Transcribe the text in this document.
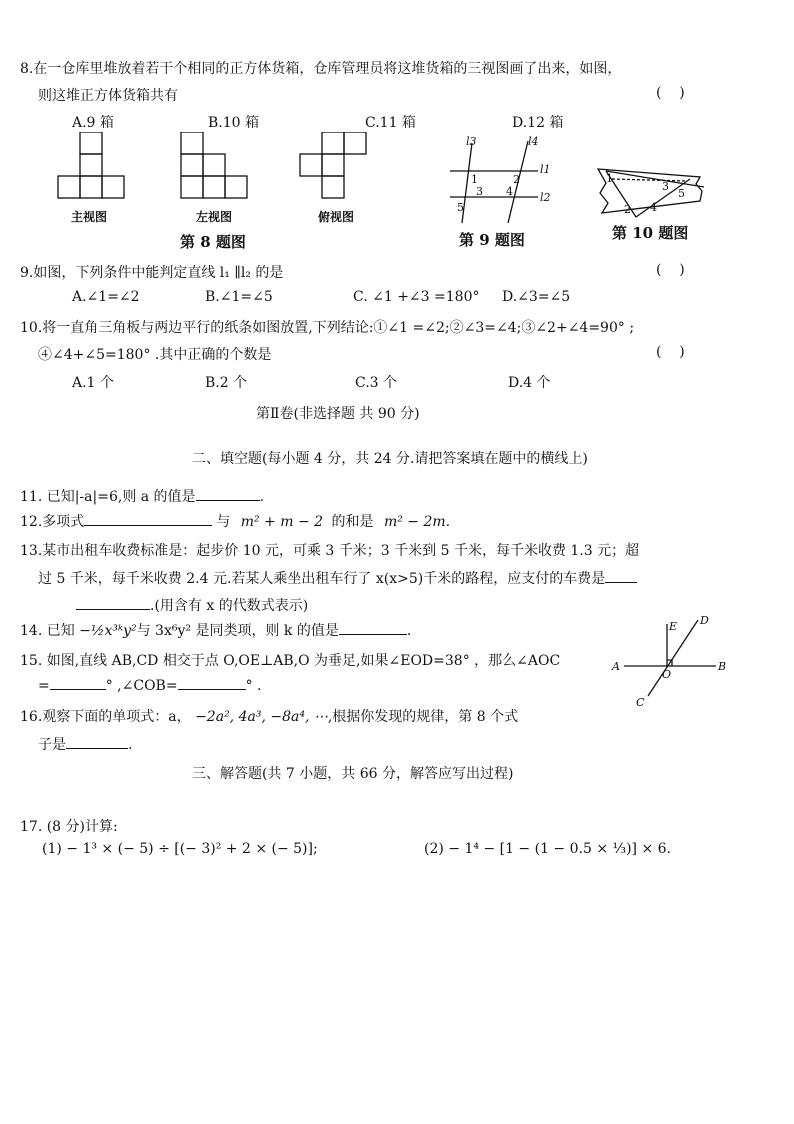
8.在一仓库里堆放着若干个相同的正方体货箱，仓库管理员将这堆货箱的三视图画了出来，如图，
则这堆正方体货箱共有	(    )
A.9 箱	B.10 箱	C.11 箱	D.12 箱
主视图	左视图	俯视图
第 8 题图
l3	l4
l1
l2
1	2
3 4
5
第 9 题图
1
2
3
4
5
第 10 题图
9.如图，下列条件中能判定直线 l₁ ∥l₂ 的是	(    )
A.∠1=∠2	B.∠1=∠5	C. ∠1 +∠3 =180° D.∠3=∠5
10.将一直角三角板与两边平行的纸条如图放置,下列结论:①∠1 =∠2;②∠3=∠4;③∠2+∠4=90° ;
④∠4+∠5=180° .其中正确的个数是	(    )
A.1 个	B.2 个	C.3 个	D.4 个
第Ⅱ卷(非选择题 共 90 分)
二、填空题(每小题 4 分，共 24 分.请把答案填在题中的横线上)
11. 已知|-a|=6,则 a 的值是	.
12.多项式	与 m² + m − 2 的和是 m² − 2m.
13.某市出租车收费标准是：起步价 10 元，可乘 3 千米；3 千米到 5 千米，每千米收费 1.3 元；超
过 5 千米，每千米收费 2.4 元.若某人乘坐出租车行了 x(x>5)千米的路程，应支付的车费是
.(用含有 x 的代数式表示)
14. 已知 −½x³ᵏy²与 3x⁶y² 是同类项，则 k 的值是	.
15. 如图,直线 AB,CD 相交于点 O,OE⊥AB,O 为垂足,如果∠EOD=38° ，那么∠AOC
=	° ,∠COB=	° .
E D
A
O
B
C
16.观察下面的单项式：a， −2a², 4a³, −8a⁴, ⋯,根据你发现的规律，第 8 个式
子是	.
三、解答题(共 7 小题，共 66 分，解答应写出过程)
17. (8 分)计算:
(1) − 1³ × (− 5) ÷ [(− 3)² + 2 × (− 5)];	(2) − 1⁴ − [1 − (1 − 0.5 × ⅓)] × 6.
